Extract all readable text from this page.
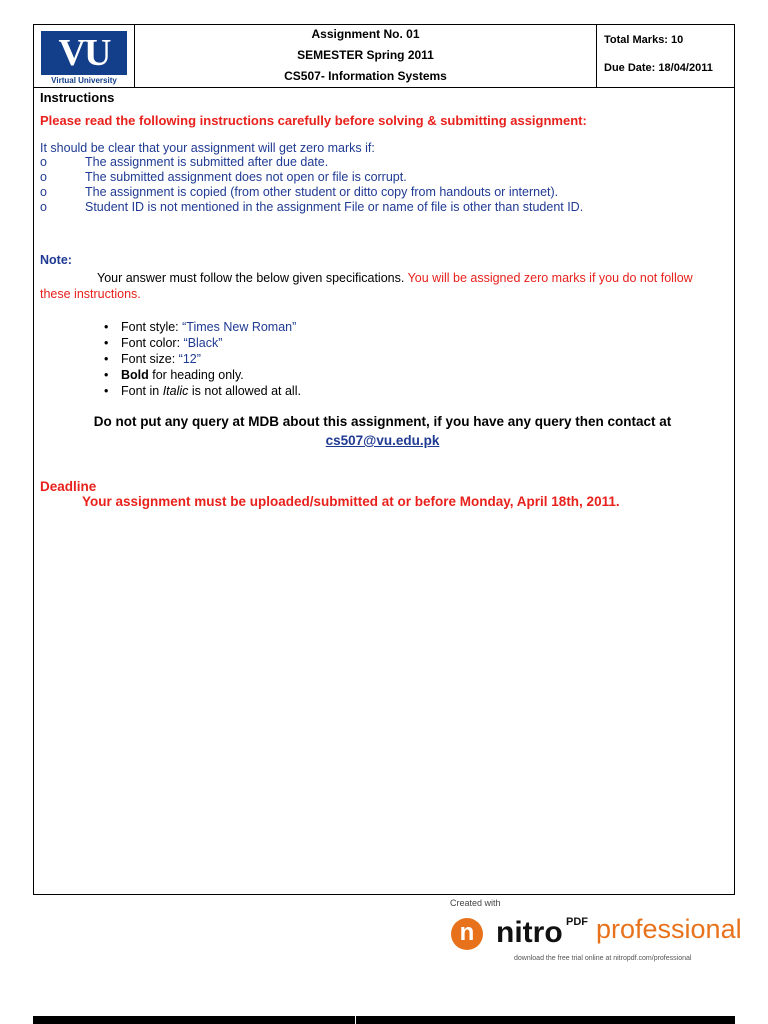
VU
Virtual University
Assignment No. 01
SEMESTER Spring 2011
CS507- Information Systems
Total Marks: 10
Due Date: 18/04/2011
Instructions
Please read the following instructions carefully before solving & submitting assignment:
It should be clear that your assignment will get zero marks if:
o	The assignment is submitted after due date.
o	The submitted assignment does not open or file is corrupt.
o	The assignment is copied (from other student or ditto copy from handouts or internet).
o	Student ID is not mentioned in the assignment File or name of file is other than student ID.
Note:
Your answer must follow the below given specifications. You will be assigned zero marks if you do not follow these instructions.
• Font style: “Times New Roman”
• Font color: “Black”
• Font size: “12”
• Bold for heading only.
• Font in Italic is not allowed at all.
Do not put any query at MDB about this assignment, if you have any query then contact at
cs507@vu.edu.pk
Deadline
Your assignment must be uploaded/submitted at or before Monday, April 18th, 2011.
Created with
n nitro PDF professional
download the free trial online at nitropdf.com/professional
